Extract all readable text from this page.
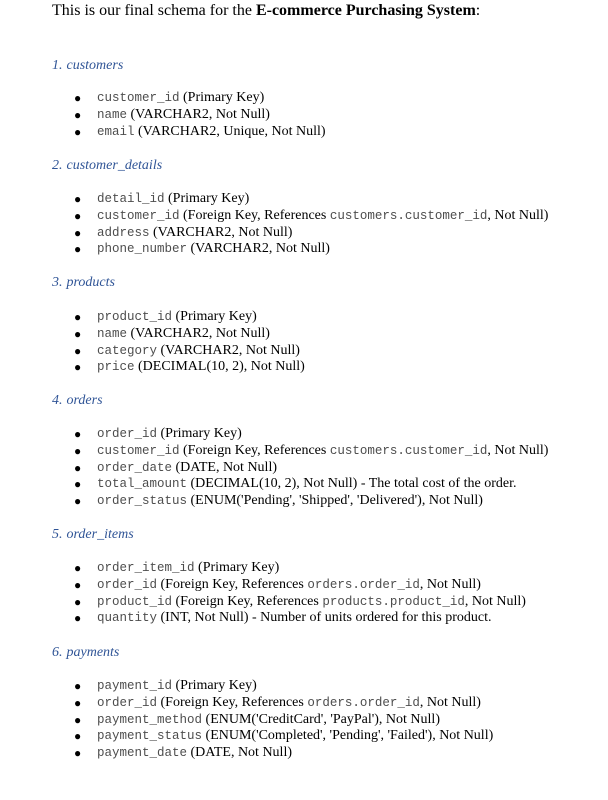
This is our final schema for the E-commerce Purchasing System:
1. customers
● customer_id (Primary Key)
● name (VARCHAR2, Not Null)
● email (VARCHAR2, Unique, Not Null)
2. customer_details
● detail_id (Primary Key)
● customer_id (Foreign Key, References customers.customer_id, Not Null)
● address (VARCHAR2, Not Null)
● phone_number (VARCHAR2, Not Null)
3. products
● product_id (Primary Key)
● name (VARCHAR2, Not Null)
● category (VARCHAR2, Not Null)
● price (DECIMAL(10, 2), Not Null)
4. orders
● order_id (Primary Key)
● customer_id (Foreign Key, References customers.customer_id, Not Null)
● order_date (DATE, Not Null)
● total_amount (DECIMAL(10, 2), Not Null) - The total cost of the order.
● order_status (ENUM('Pending', 'Shipped', 'Delivered'), Not Null)
5. order_items
● order_item_id (Primary Key)
● order_id (Foreign Key, References orders.order_id, Not Null)
● product_id (Foreign Key, References products.product_id, Not Null)
● quantity (INT, Not Null) - Number of units ordered for this product.
6. payments
● payment_id (Primary Key)
● order_id (Foreign Key, References orders.order_id, Not Null)
● payment_method (ENUM('CreditCard', 'PayPal'), Not Null)
● payment_status (ENUM('Completed', 'Pending', 'Failed'), Not Null)
● payment_date (DATE, Not Null)
